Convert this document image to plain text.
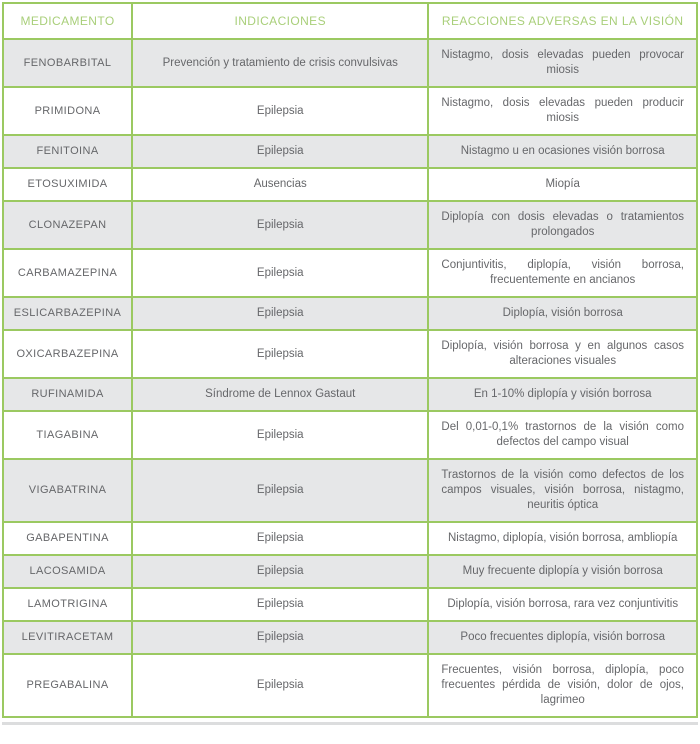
MEDICAMENTO	INDICACIONES	REACCIONES ADVERSAS EN LA VISIÓN
FENOBARBITAL	Prevención y tratamiento de crisis convulsivas	Nistagmo, dosis elevadas pueden provocar miosis
PRIMIDONA	Epilepsia	Nistagmo, dosis elevadas pueden producir miosis
FENITOINA	Epilepsia	Nistagmo u en ocasiones visión borrosa
ETOSUXIMIDA	Ausencias	Miopía
CLONAZEPAN	Epilepsia	Diplopía con dosis elevadas o tratamientos prolongados
CARBAMAZEPINA	Epilepsia	Conjuntivitis, diplopía, visión borrosa, frecuentemente en ancianos
ESLICARBAZEPINA	Epilepsia	Diplopía, visión borrosa
OXICARBAZEPINA	Epilepsia	Diplopía, visión borrosa y en algunos casos alteraciones visuales
RUFINAMIDA	Síndrome de Lennox Gastaut	En 1-10% diplopía y visión borrosa
TIAGABINA	Epilepsia	Del 0,01-0,1% trastornos de la visión como defectos del campo visual
VIGABATRINA	Epilepsia	Trastornos de la visión como defectos de los campos visuales, visión borrosa, nistagmo, neuritis óptica
GABAPENTINA	Epilepsia	Nistagmo, diplopía, visión borrosa, ambliopía
LACOSAMIDA	Epilepsia	Muy frecuente diplopía y visión borrosa
LAMOTRIGINA	Epilepsia	Diplopía, visión borrosa, rara vez conjuntivitis
LEVITIRACETAM	Epilepsia	Poco frecuentes diplopía, visión borrosa
PREGABALINA	Epilepsia	Frecuentes, visión borrosa, diplopía, poco frecuentes pérdida de visión, dolor de ojos, lagrimeo
